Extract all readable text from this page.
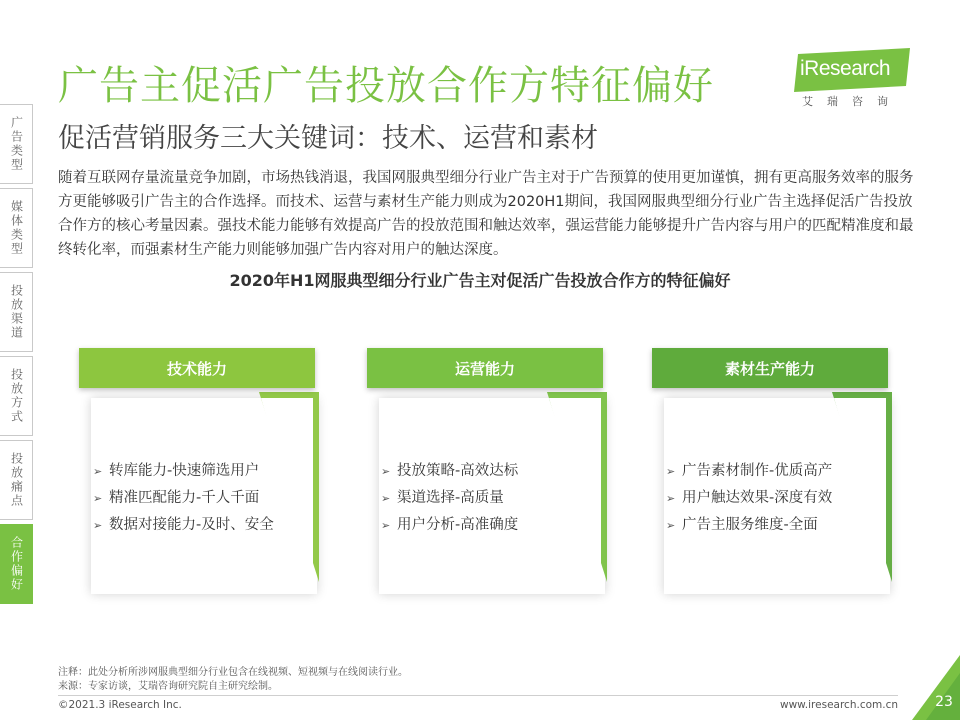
广告类型
媒体类型
投放渠道
投放方式
投放痛点
合作偏好
广告主促活广告投放合作方特征偏好	iResearch
艾瑞咨询
促活营销服务三大关键词：技术、运营和素材
随着互联网存量流量竞争加剧，市场热钱消退，我国网服典型细分行业广告主对于广告预算的使用更加谨慎，拥有更高服务效率的服务方更能够吸引广告主的合作选择。而技术、运营与素材生产能力则成为2020H1期间，我国网服典型细分行业广告主选择促活广告投放合作方的核心考量因素。强技术能力能够有效提高广告的投放范围和触达效率，强运营能力能够提升广告内容与用户的匹配精准度和最终转化率，而强素材生产能力则能够加强广告内容对用户的触达深度。
2020年H1网服典型细分行业广告主对促活广告投放合作方的特征偏好
技术能力
➢ 转库能力-快速筛选用户
➢ 精准匹配能力-千人千面
➢ 数据对接能力-及时、安全
运营能力
➢ 投放策略-高效达标
➢ 渠道选择-高质量
➢ 用户分析-高准确度
素材生产能力
➢ 广告素材制作-优质高产
➢ 用户触达效果-深度有效
➢ 广告主服务维度-全面
注释：此处分析所涉网服典型细分行业包含在线视频、短视频与在线阅读行业。
来源：专家访谈，艾瑞咨询研究院自主研究绘制。
©2021.3 iResearch Inc.	www.iresearch.com.cn	23
